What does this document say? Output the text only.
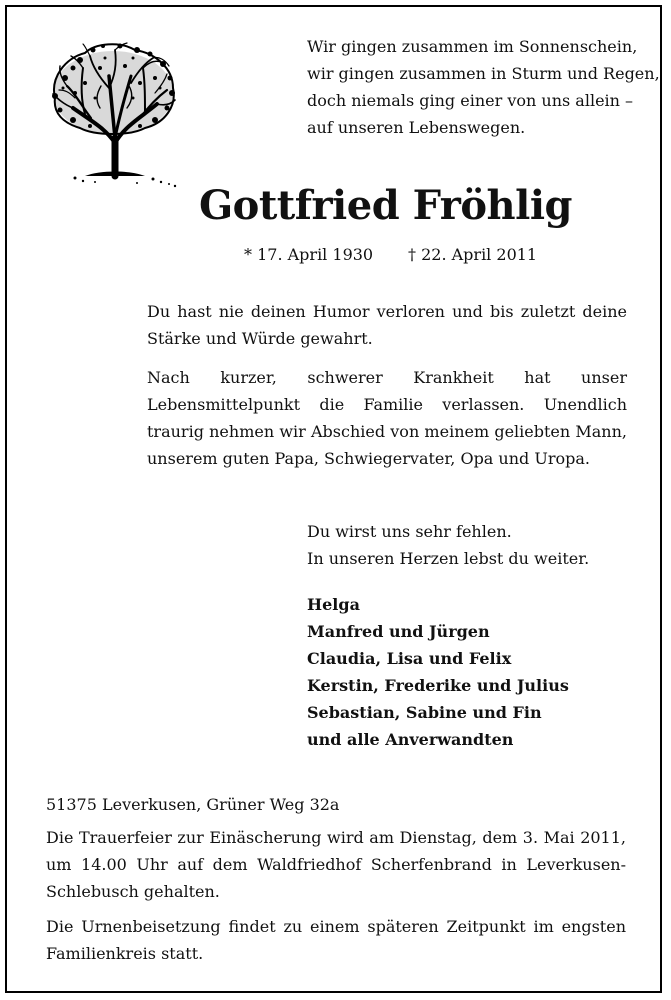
Wir gingen zusammen im Sonnenschein,
wir gingen zusammen in Sturm und Regen,
doch niemals ging einer von uns allein –
auf unseren Lebenswegen.
Gottfried Fröhlig
* 17. April 1930 † 22. April 2011
Du hast nie deinen Humor verloren und bis zuletzt deine Stärke und Würde gewahrt.
Nach kurzer, schwerer Krankheit hat unser Lebensmittelpunkt die Familie verlassen. Unendlich traurig nehmen wir Abschied von meinem geliebten Mann, unserem guten Papa, Schwiegervater, Opa und Uropa.
Du wirst uns sehr fehlen.
In unseren Herzen lebst du weiter.
Helga
Manfred und Jürgen
Claudia, Lisa und Felix
Kerstin, Frederike und Julius
Sebastian, Sabine und Fin
und alle Anverwandten
51375 Leverkusen, Grüner Weg 32a
Die Trauerfeier zur Einäscherung wird am Dienstag, dem 3. Mai 2011, um 14.00 Uhr auf dem Waldfriedhof Scherfenbrand in Leverkusen-Schlebusch gehalten.
Die Urnenbeisetzung findet zu einem späteren Zeitpunkt im engsten Familienkreis statt.
